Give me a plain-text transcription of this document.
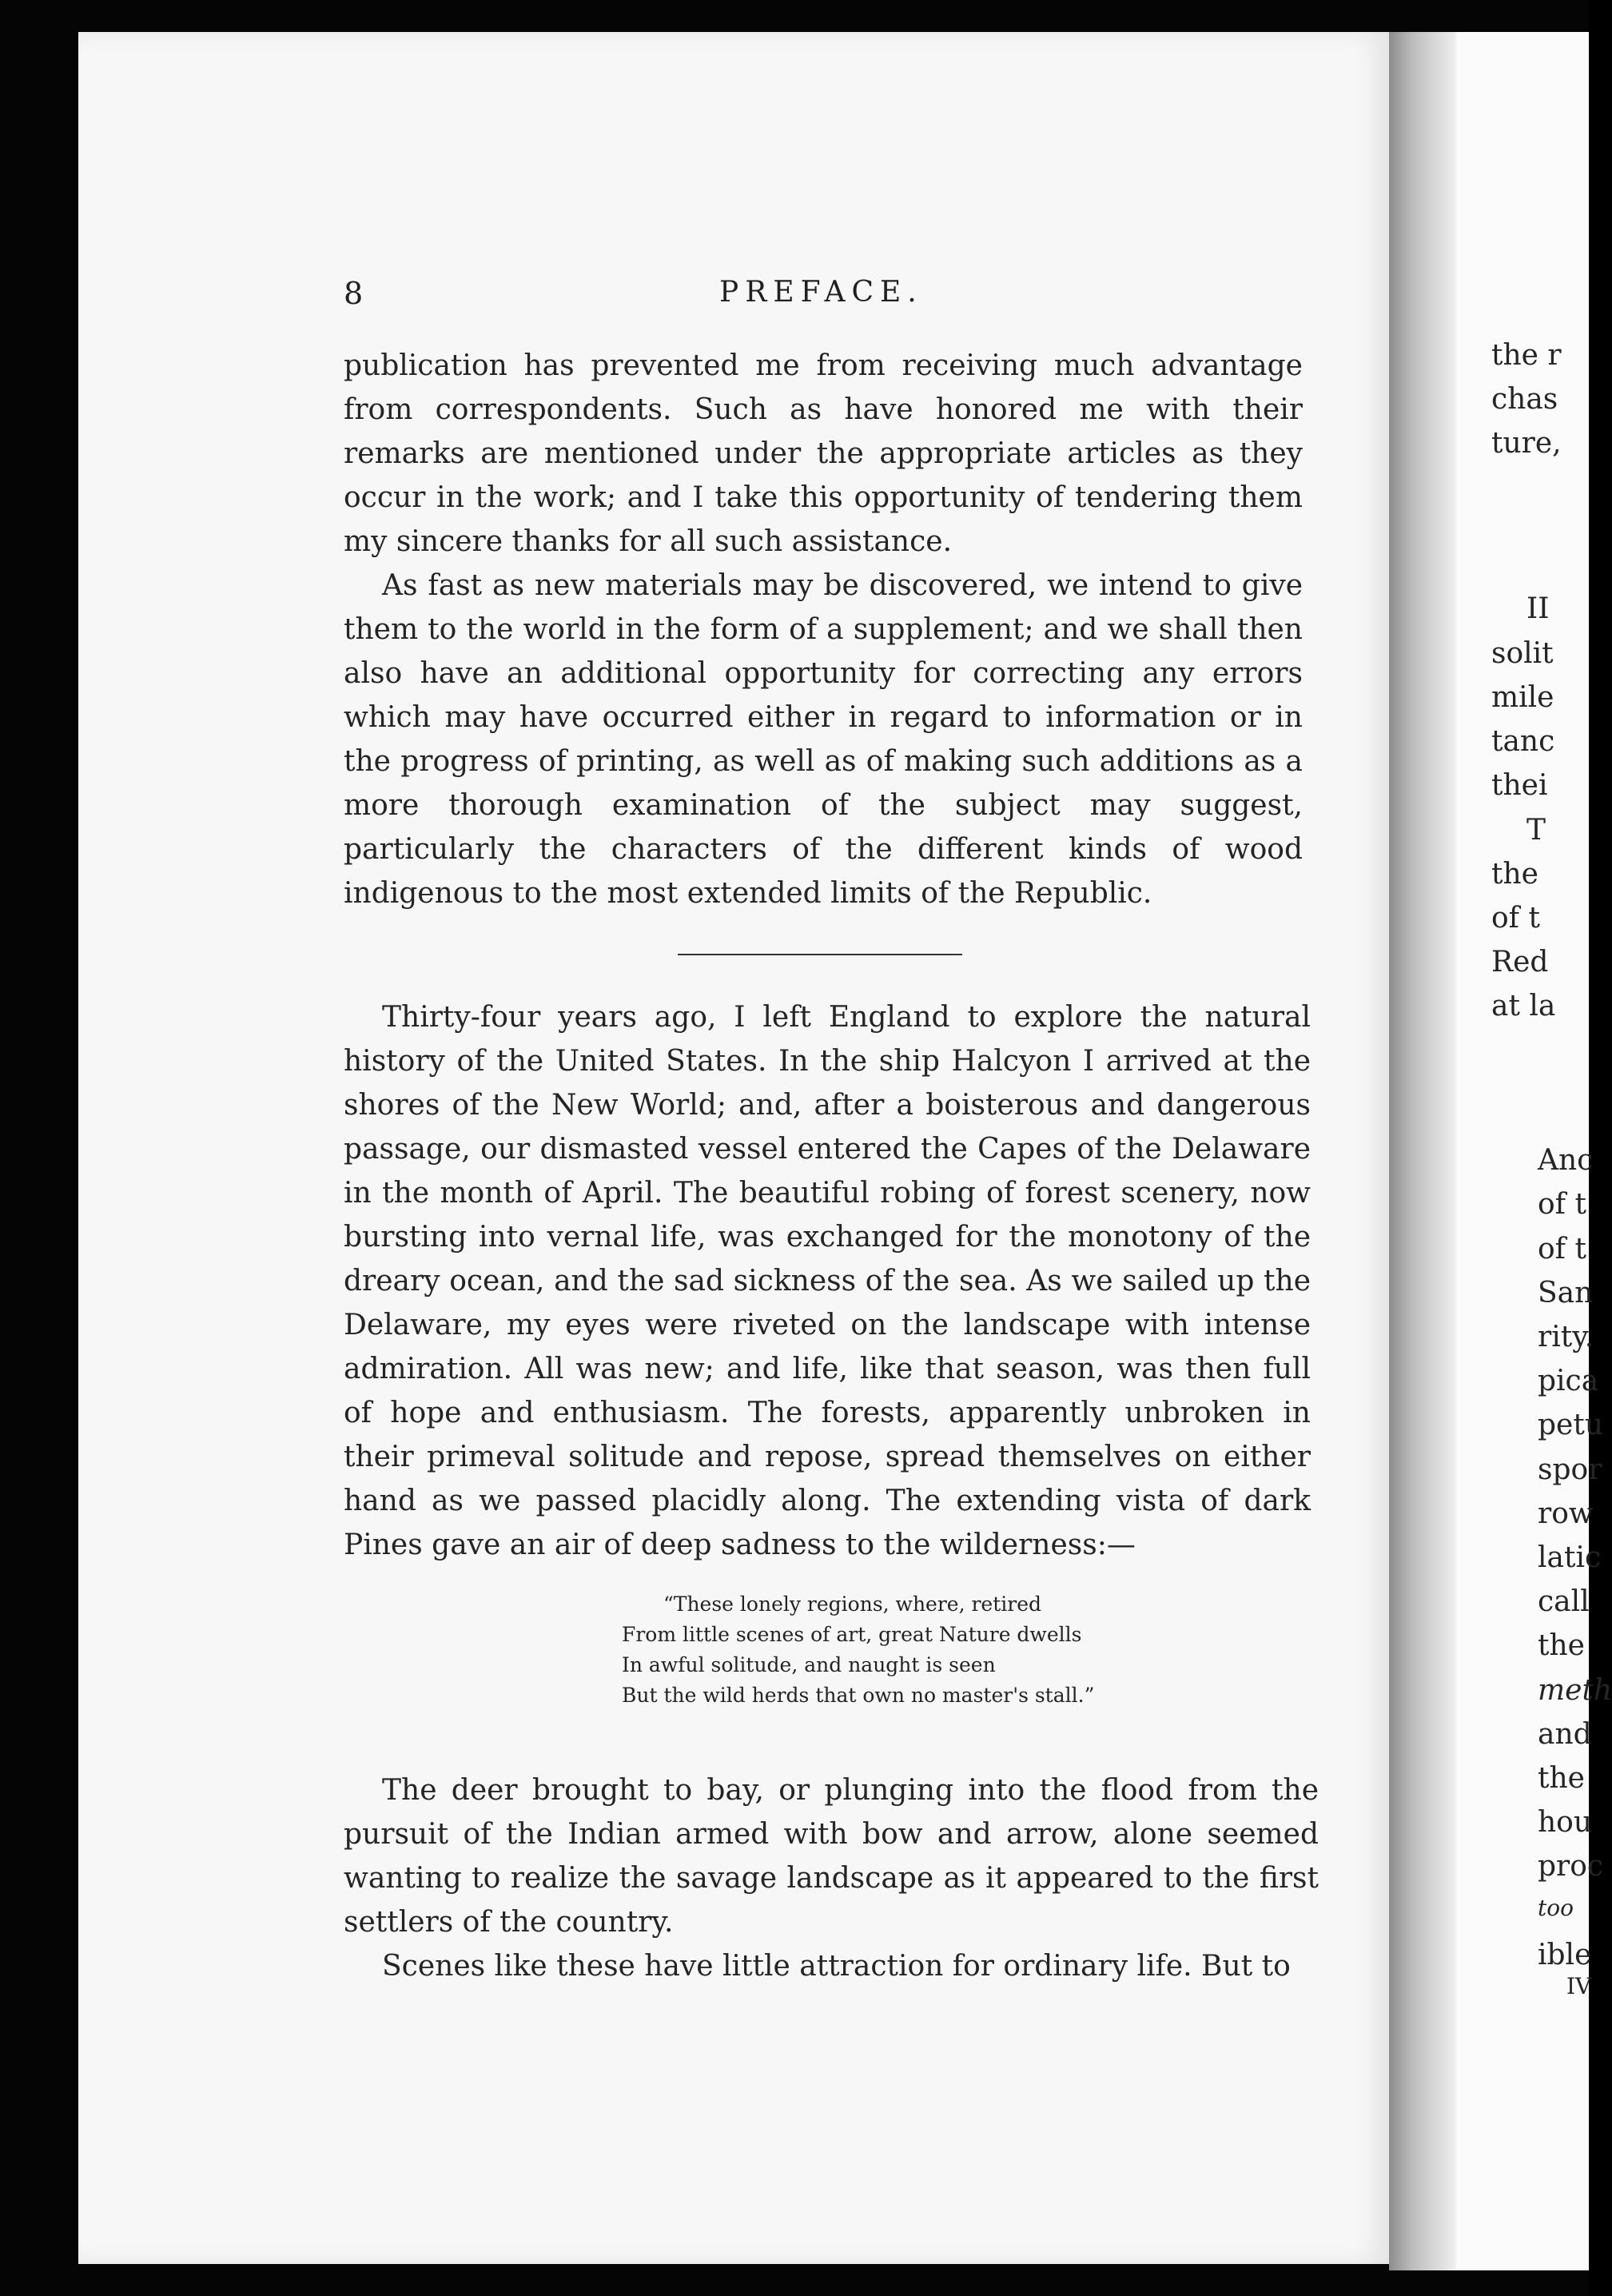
8	PREFACE.

publication has prevented me from receiving much advantage from correspondents. Such as have honored me with their remarks are mentioned under the appropriate articles as they occur in the work; and I take this opportunity of tendering them my sincere thanks for all such assistance.

As fast as new materials may be discovered, we intend to give them to the world in the form of a supplement; and we shall then also have an additional opportunity for correcting any errors which may have occurred either in regard to information or in the progress of printing, as well as of making such additions as a more thorough examination of the subject may suggest, particularly the characters of the different kinds of wood indigenous to the most extended limits of the Republic.

Thirty-four years ago, I left England to explore the natural history of the United States. In the ship Halcyon I arrived at the shores of the New World; and, after a boisterous and dangerous passage, our dismasted vessel entered the Capes of the Delaware in the month of April. The beautiful robing of forest scenery, now bursting into vernal life, was exchanged for the monotony of the dreary ocean, and the sad sickness of the sea. As we sailed up the Delaware, my eyes were riveted on the landscape with intense admiration. All was new; and life, like that season, was then full of hope and enthusiasm. The forests, apparently unbroken in their primeval solitude and repose, spread themselves on either hand as we passed placidly along. The extending vista of dark Pines gave an air of deep sadness to the wilderness:—

“These lonely regions, where, retired
From little scenes of art, great Nature dwells
In awful solitude, and naught is seen
But the wild herds that own no master's stall.”

The deer brought to bay, or plunging into the flood from the pursuit of the Indian armed with bow and arrow, alone seemed wanting to realize the savage landscape as it appeared to the first settlers of the country.

Scenes like these have little attraction for ordinary life. But to

the r
chas
ture,
II
solit
mile
tanc
thei
T
the
of t
Red
at la
Anc
of t
of t
San
rity.
pica
petu
spor
row
latic
call
the
meth
and
the
hou
proc
too
ible
IV
